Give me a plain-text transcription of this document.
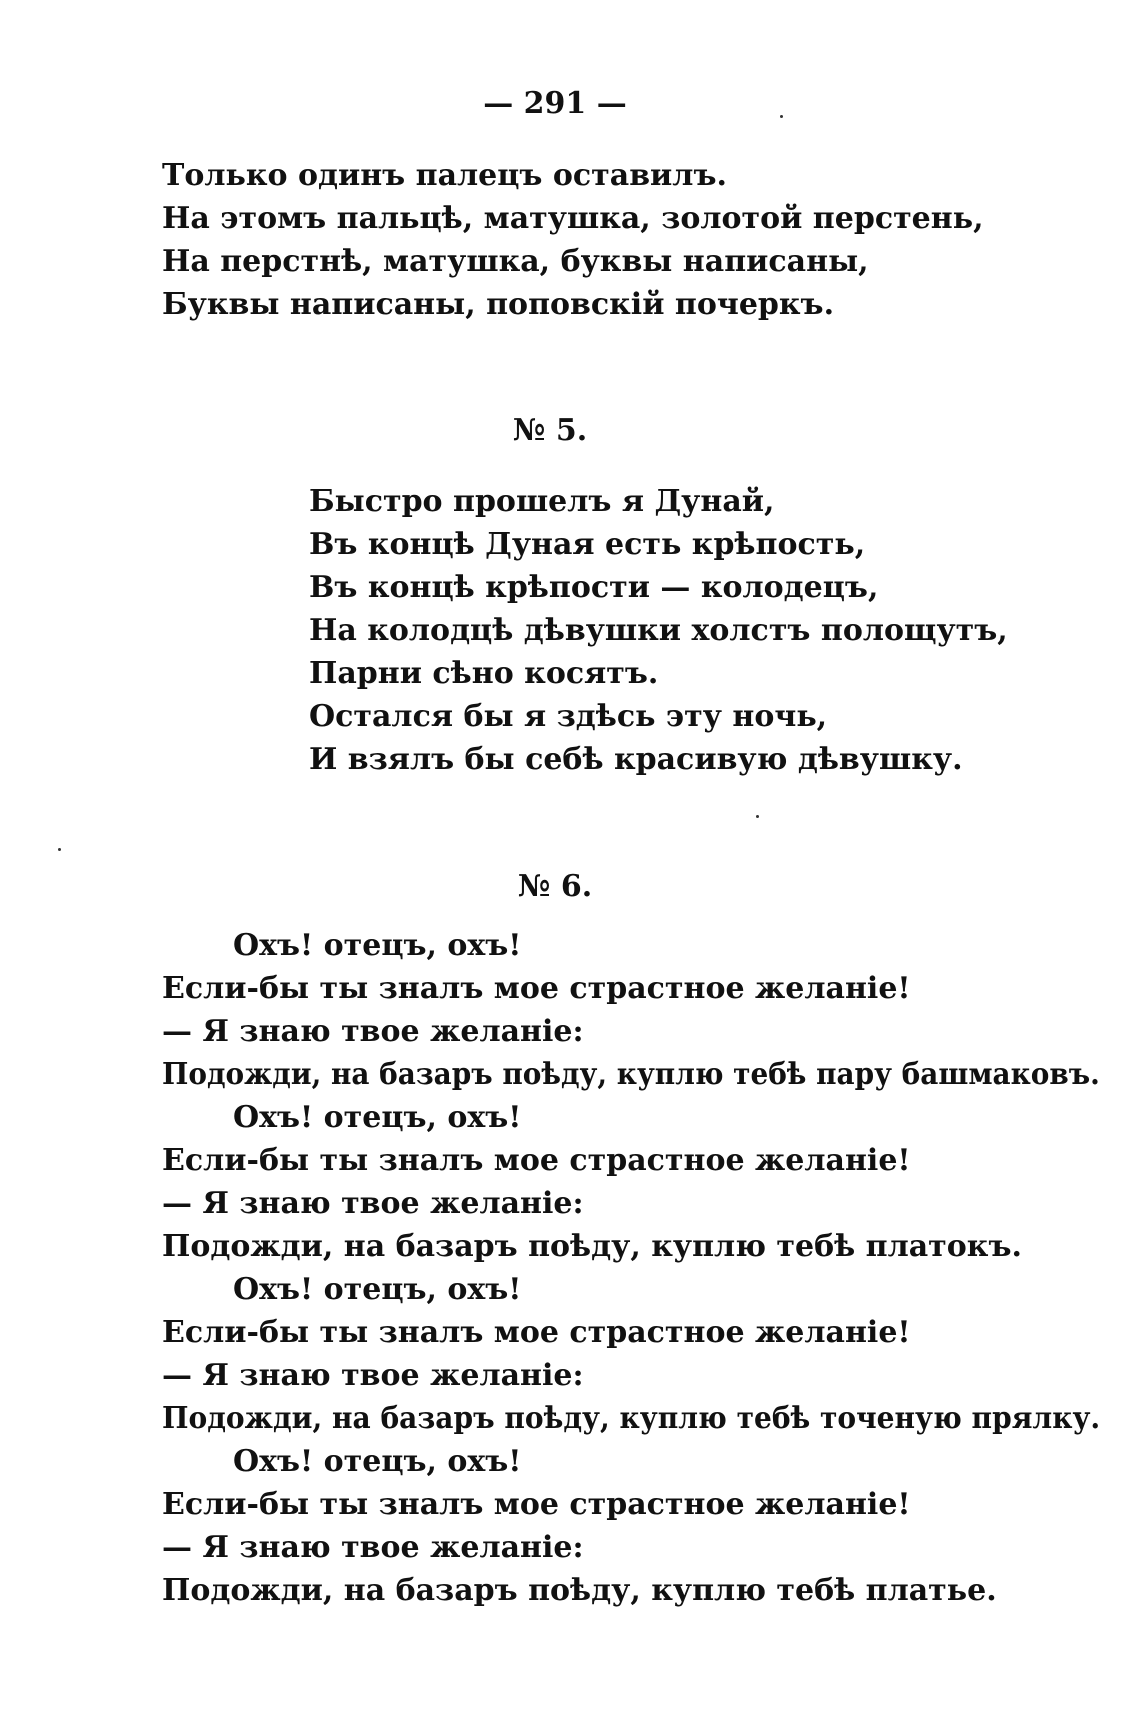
— 291 —
Только одинъ палецъ оставилъ.
На этомъ пальцѣ, матушка, золотой перстень,
На перстнѣ, матушка, буквы написаны,
Буквы написаны, поповскій почеркъ.
№ 5.
Быстро прошелъ я Дунай,
Въ концѣ Дуная есть крѣпость,
Въ концѣ крѣпости — колодецъ,
На колодцѣ дѣвушки холстъ полощутъ,
Парни сѣно косятъ.
Остался бы я здѣсь эту ночь,
И взялъ бы себѣ красивую дѣвушку.
№ 6.
Охъ! отецъ, охъ!
Если-бы ты зналъ мое страстное желаніе!
— Я знаю твое желаніе:
Подожди, на базаръ поѣду, куплю тебѣ пару башмаковъ.
Охъ! отецъ, охъ!
Если-бы ты зналъ мое страстное желаніе!
— Я знаю твое желаніе:
Подожди, на базаръ поѣду, куплю тебѣ платокъ.
Охъ! отецъ, охъ!
Если-бы ты зналъ мое страстное желаніе!
— Я знаю твое желаніе:
Подожди, на базаръ поѣду, куплю тебѣ точеную прялку.
Охъ! отецъ, охъ!
Если-бы ты зналъ мое страстное желаніе!
— Я знаю твое желаніе:
Подожди, на базаръ поѣду, куплю тебѣ платье.
